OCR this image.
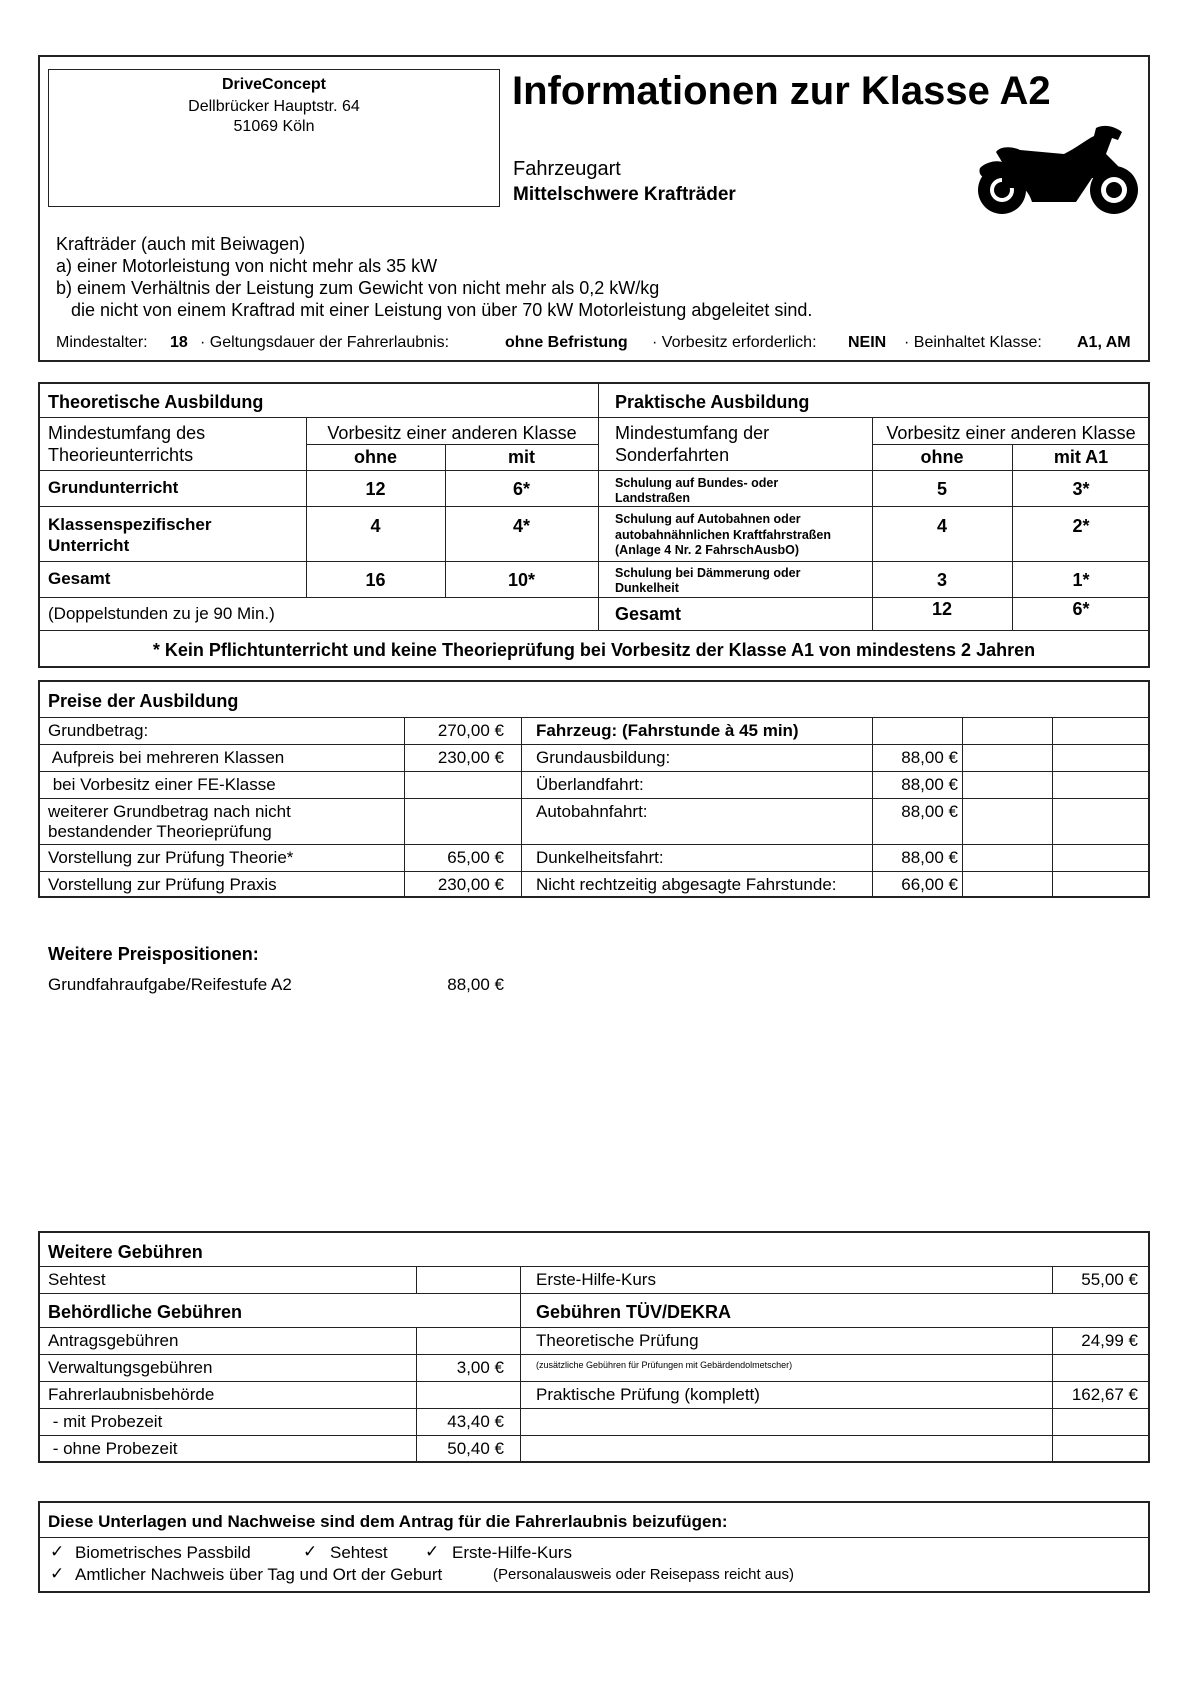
DriveConcept
Dellbrücker Hauptstr. 64
51069 Köln
Informationen zur Klasse A2
Fahrzeugart
Mittelschwere Krafträder
Krafträder (auch mit Beiwagen)
a) einer Motorleistung von nicht mehr als 35 kW
b) einem Verhältnis der Leistung zum Gewicht von nicht mehr als 0,2 kW/kg
die nicht von einem Kraftrad mit einer Leistung von über 70 kW Motorleistung abgeleitet sind.
Mindestalter: 18 · Geltungsdauer der Fahrerlaubnis:	ohne Befristung · Vorbesitz erforderlich: NEIN · Beinhaltet Klasse: A1, AM
Theoretische Ausbildung
Mindestumfang des
Theorieunterrichts
Vorbesitz einer anderen Klasse
ohne	mit
Grundunterricht	12	6*
Klassenspezifischer
Unterricht
4	4*
Gesamt	16	10*
(Doppelstunden zu je 90 Min.)
Praktische Ausbildung
Mindestumfang der
Sonderfahrten
Vorbesitz einer anderen Klasse
ohne	mit A1
Schulung auf Bundes- oder
Landstraßen	5	3*
Schulung auf Autobahnen oder
autobahnähnlichen Kraftfahrstraßen
(Anlage 4 Nr. 2 FahrschAusbO)
4	2*
Schulung bei Dämmerung oder
Dunkelheit	3	1*
Gesamt	12	6*
* Kein Pflichtunterricht und keine Theorieprüfung bei Vorbesitz der Klasse A1 von mindestens 2 Jahren
Preise der Ausbildung
Grundbetrag:	270,00 €
Aufpreis bei mehreren Klassen	230,00 €
bei Vorbesitz einer FE-Klasse
weiterer Grundbetrag nach nicht
bestandender Theorieprüfung
Vorstellung zur Prüfung Theorie*	65,00 €
Vorstellung zur Prüfung Praxis	230,00 €
Fahrzeug: (Fahrstunde à 45 min)
Grundausbildung:	88,00 €
Überlandfahrt:	88,00 €
Autobahnfahrt:	88,00 €
Dunkelheitsfahrt:	88,00 €
Nicht rechtzeitig abgesagte Fahrstunde:	66,00 €
Weitere Preispositionen:
Grundfahraufgabe/Reifestufe A2	88,00 €
Weitere Gebühren
Sehtest	Erste-Hilfe-Kurs	55,00 €
Behördliche Gebühren	Gebühren TÜV/DEKRA
Antragsgebühren
Verwaltungsgebühren	3,00 €
Fahrerlaubnisbehörde
- mit Probezeit	43,40 €
- ohne Probezeit	50,40 €
Theoretische Prüfung	24,99 €
(zusätzliche Gebühren für Prüfungen mit Gebärdendolmetscher)
Praktische Prüfung (komplett)	162,67 €
Diese Unterlagen und Nachweise sind dem Antrag für die Fahrerlaubnis beizufügen:
✓ Biometrisches Passbild	✓ Sehtest ✓ Erste-Hilfe-Kurs
✓ Amtlicher Nachweis über Tag und Ort der Geburt	(Personalausweis oder Reisepass reicht aus)
